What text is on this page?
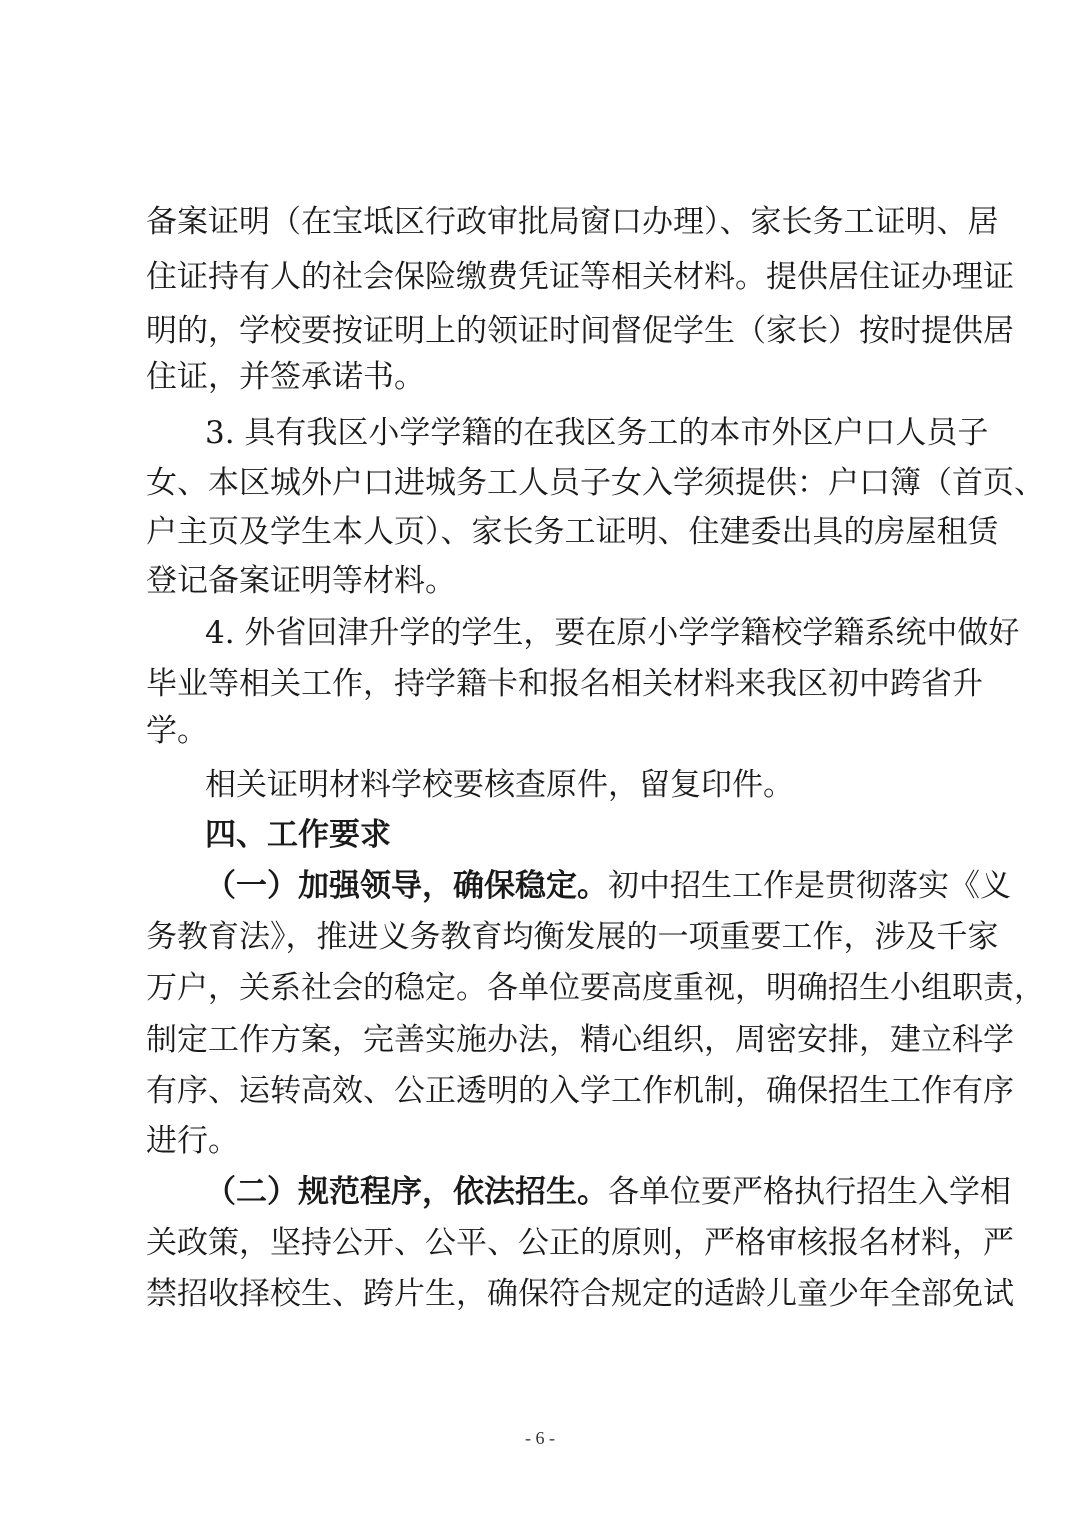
备案证明（在宝坻区行政审批局窗口办理）、家长务工证明、居
住证持有人的社会保险缴费凭证等相关材料。提供居住证办理证
明的，学校要按证明上的领证时间督促学生（家长）按时提供居
住证，并签承诺书。
3. 具有我区小学学籍的在我区务工的本市外区户口人员子
女、本区城外户口进城务工人员子女入学须提供：户口簿（首页、
户主页及学生本人页）、家长务工证明、住建委出具的房屋租赁
登记备案证明等材料。
4. 外省回津升学的学生，要在原小学学籍校学籍系统中做好
毕业等相关工作，持学籍卡和报名相关材料来我区初中跨省升
学。
相关证明材料学校要核查原件，留复印件。
四、工作要求
（一）加强领导，确保稳定。 初中招生工作是贯彻落实《义
务教育法》，推进义务教育均衡发展的一项重要工作，涉及千家
万户，关系社会的稳定。各单位要高度重视，明确招生小组职责，
制定工作方案，完善实施办法，精心组织，周密安排，建立科学
有序、运转高效、公正透明的入学工作机制，确保招生工作有序
进行。
（二）规范程序，依法招生。 各单位要严格执行招生入学相
关政策，坚持公开、公平、公正的原则，严格审核报名材料，严
禁招收择校生、跨片生，确保符合规定的适龄儿童少年全部免试
- 6 -
